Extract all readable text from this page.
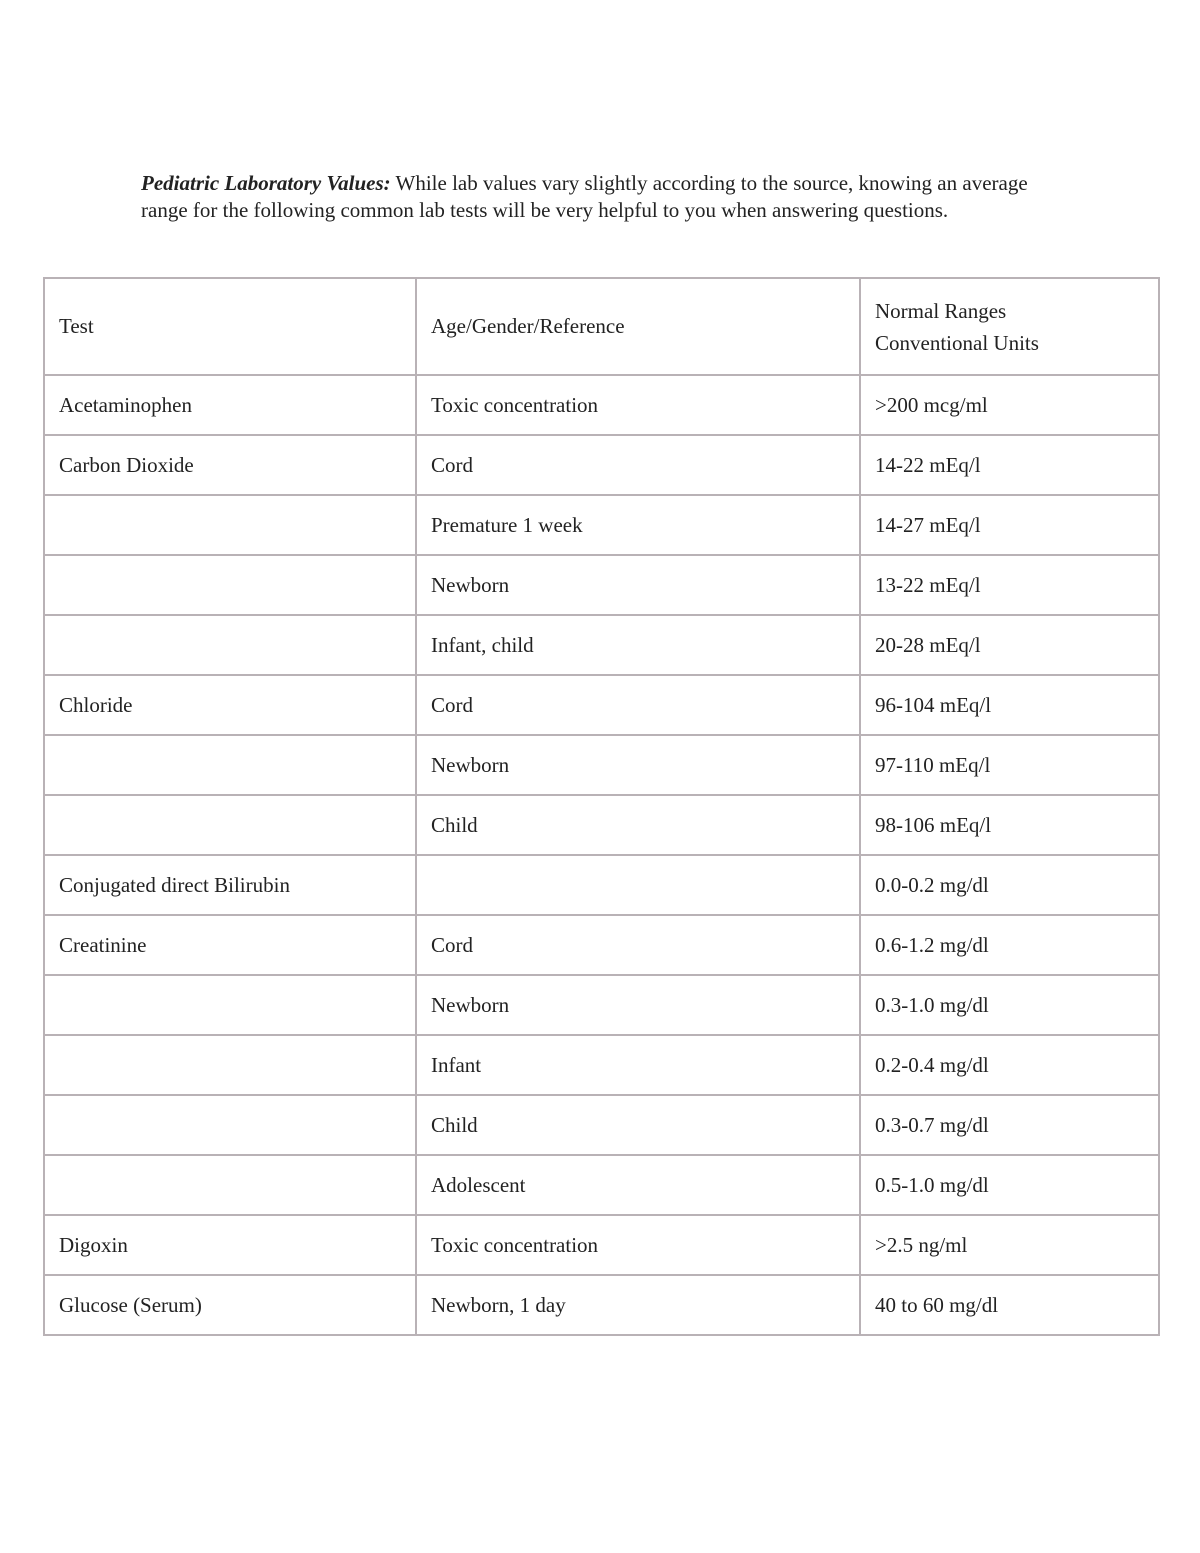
Pediatric Laboratory Values: While lab values vary slightly according to the source, knowing an average range for the following common lab tests will be very helpful to you when answering questions.

Test	Age/Gender/Reference	Normal Ranges
Conventional Units

Acetaminophen	Toxic concentration	>200 mcg/ml
Carbon Dioxide	Cord	14-22 mEq/l
	Premature 1 week	14-27 mEq/l
	Newborn	13-22 mEq/l
	Infant, child	20-28 mEq/l
Chloride	Cord	96-104 mEq/l
	Newborn	97-110 mEq/l
	Child	98-106 mEq/l
Conjugated direct Bilirubin		0.0-0.2 mg/dl
Creatinine	Cord	0.6-1.2 mg/dl
	Newborn	0.3-1.0 mg/dl
	Infant	0.2-0.4 mg/dl
	Child	0.3-0.7 mg/dl
	Adolescent	0.5-1.0 mg/dl
Digoxin	Toxic concentration	>2.5 ng/ml
Glucose (Serum)	Newborn, 1 day	40 to 60 mg/dl
